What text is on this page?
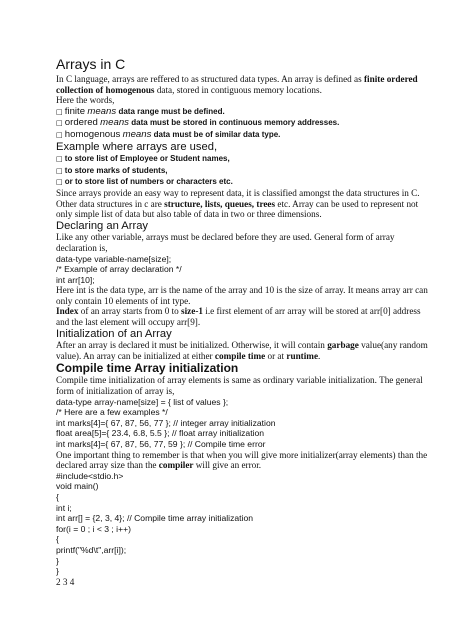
Arrays in C

In C language, arrays are reffered to as structured data types. An array is defined as finite ordered collection of homogenous data, stored in contiguous memory locations.

Here the words,

□ finite means data range must be defined.

□ ordered means data must be stored in continuous memory addresses.

□ homogenous means data must be of similar data type.

Example where arrays are used,

□ to store list of Employee or Student names,

□ to store marks of students,

□ or to store list of numbers or characters etc.

Since arrays provide an easy way to represent data, it is classified amongst the data structures in C. Other data structures in c are structure, lists, queues, trees etc. Array can be used to represent not only simple list of data but also table of data in two or three dimensions.

Declaring an Array

Like any other variable, arrays must be declared before they are used. General form of array declaration is,

data-type variable-name[size];
/* Example of array declaration */
int arr[10];

Here int is the data type, arr is the name of the array and 10 is the size of array. It means array arr can only contain 10 elements of int type.

Index of an array starts from 0 to size-1 i.e first element of arr array will be stored at arr[0] address and the last element will occupy arr[9].

Initialization of an Array

After an array is declared it must be initialized. Otherwise, it will contain garbage value(any random value). An array can be initialized at either compile time or at runtime.

Compile time Array initialization

Compile time initialization of array elements is same as ordinary variable initialization. The general form of initialization of array is,

data-type array-name[size] = { list of values };
/* Here are a few examples */
int marks[4]={ 67, 87, 56, 77 }; // integer array initialization
float area[5]={ 23.4, 6.8, 5.5 }; // float array initialization
int marks[4]={ 67, 87, 56, 77, 59 }; // Compile time error

One important thing to remember is that when you will give more initializer(array elements) than the declared array size than the compiler will give an error.

#include<stdio.h>
void main()
{
int i;
int arr[] = {2, 3, 4}; // Compile time array initialization
for(i = 0 ; i < 3 ; i++)
{
printf("%d\t",arr[i]);
}
}

2 3 4
